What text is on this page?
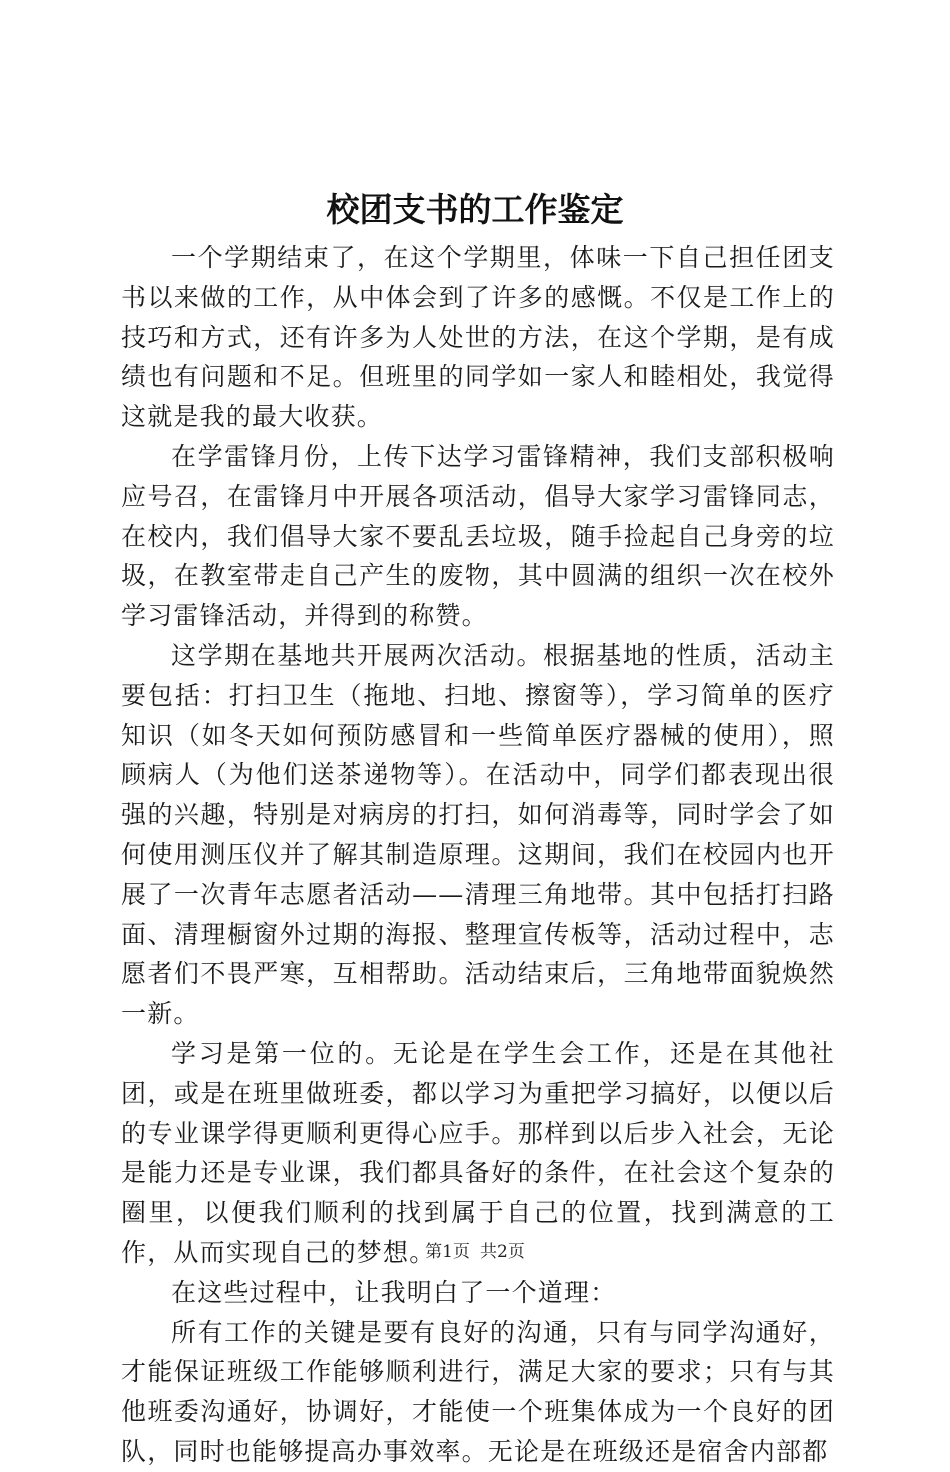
校团支书的工作鉴定

一个学期结束了，在这个学期里，体味一下自己担任团支书以来做的工作，从中体会到了许多的感慨。不仅是工作上的技巧和方式，还有许多为人处世的方法，在这个学期，是有成绩也有问题和不足。但班里的同学如一家人和睦相处，我觉得这就是我的最大收获。

在学雷锋月份，上传下达学习雷锋精神，我们支部积极响应号召，在雷锋月中开展各项活动，倡导大家学习雷锋同志，在校内，我们倡导大家不要乱丢垃圾，随手捡起自己身旁的垃圾，在教室带走自己产生的废物，其中圆满的组织一次在校外学习雷锋活动，并得到的称赞。

这学期在基地共开展两次活动。根据基地的性质，活动主要包括：打扫卫生（拖地、扫地、擦窗等），学习简单的医疗知识（如冬天如何预防感冒和一些简单医疗器械的使用），照顾病人（为他们送茶递物等）。在活动中，同学们都表现出很强的兴趣，特别是对病房的打扫，如何消毒等，同时学会了如何使用测压仪并了解其制造原理。这期间，我们在校园内也开展了一次青年志愿者活动——清理三角地带。其中包括打扫路面、清理橱窗外过期的海报、整理宣传板等，活动过程中，志愿者们不畏严寒，互相帮助。活动结束后，三角地带面貌焕然一新。

学习是第一位的。无论是在学生会工作，还是在其他社团，或是在班里做班委，都以学习为重把学习搞好，以便以后的专业课学得更顺利更得心应手。那样到以后步入社会，无论是能力还是专业课，我们都具备好的条件，在社会这个复杂的圈里，以便我们顺利的找到属于自己的位置，找到满意的工作，从而实现自己的梦想。

在这些过程中，让我明白了一个道理：

所有工作的关键是要有良好的沟通，只有与同学沟通好，才能保证班级工作能够顺利进行，满足大家的要求；只有与其他班委沟通好，协调好，才能使一个班集体成为一个良好的团队，同时也能够提高办事效率。无论是在班级还是宿舍内部都

第1页 共2页
